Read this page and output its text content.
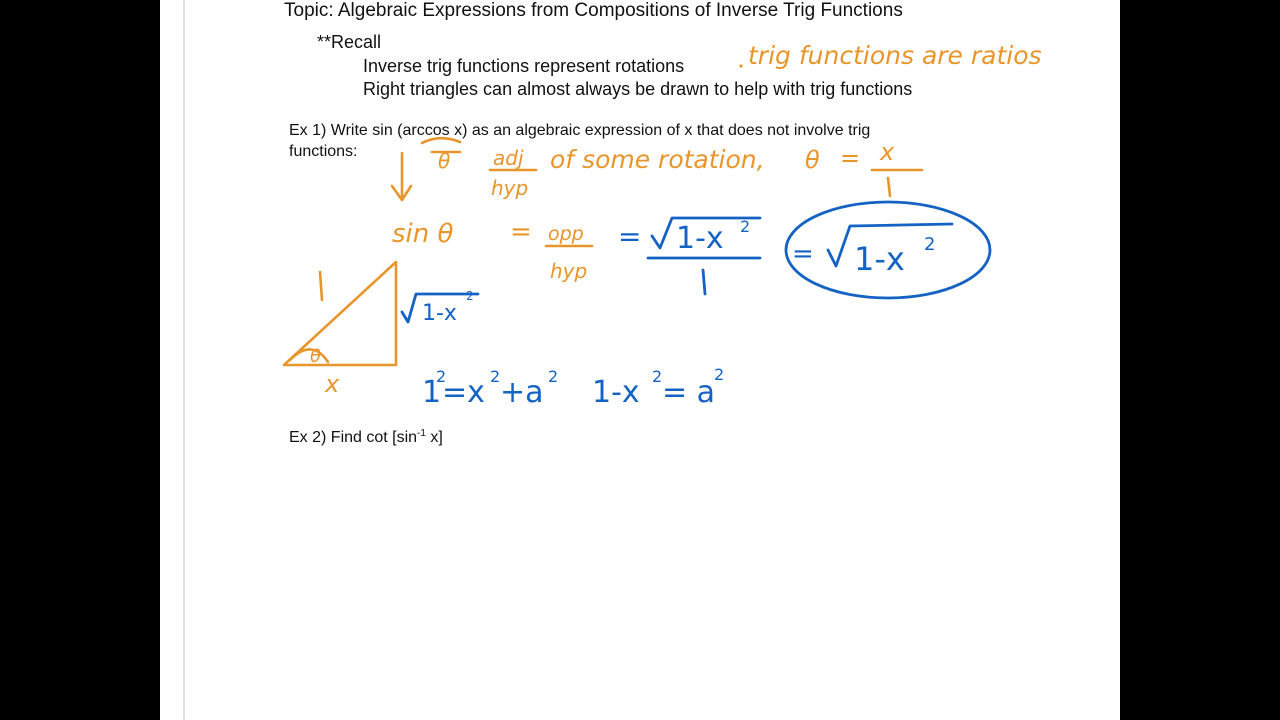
Topic: Algebraic Expressions from Compositions of Inverse Trig Functions
**Recall
Inverse trig functions represent rotations
Right triangles can almost always be drawn to help with trig functions
Ex 1) Write sin (arccos x) as an algebraic expression of x that does not involve trig
functions:
Ex 2) Find $\cot [\sin^{-1}$ x]
trig functions are ratios
θ adj
hyp
of some rotation, θ = x
sin θ = opp
hyp
= 1-x 2
= 1-x 2
θ
x
1-x
2
1
2
=x 2 +a 2 1-x 2 = a
2
